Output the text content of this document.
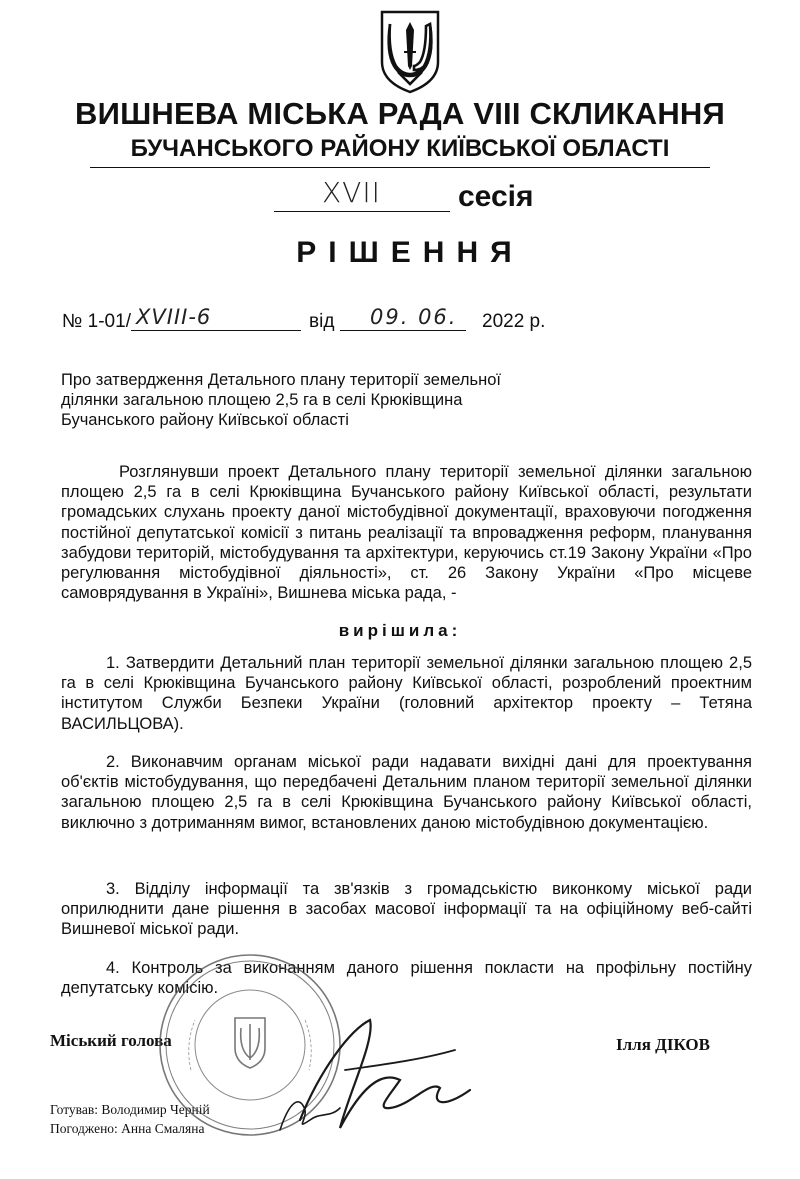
ВИШНЕВА МІСЬКА РАДА VIII СКЛИКАННЯ
БУЧАНСЬКОГО РАЙОНУ КИЇВСЬКОЇ ОБЛАСТІ
XVII	сесія
РІШЕННЯ
№ 1-01/ XVIII-6	від 09. 06. 2022 р.
Про затвердження Детального плану території земельної ділянки загальною площею 2,5 га в селі Крюківщина Бучанського району Київської області
Розглянувши проект Детального плану території земельної ділянки загальною площею 2,5 га в селі Крюківщина Бучанського району Київської області, результати громадських слухань проекту даної містобудівної документації, враховуючи погодження постійної депутатської комісії з питань реалізації та впровадження реформ, планування забудови територій, містобудування та архітектури, керуючись ст.19 Закону України «Про регулювання містобудівної діяльності», ст. 26 Закону України «Про місцеве самоврядування в Україні», Вишнева міська рада, -
вирішила:
1. Затвердити Детальний план території земельної ділянки загальною площею 2,5 га в селі Крюківщина Бучанського району Київської області, розроблений проектним інститутом Служби Безпеки України (головний архітектор проекту – Тетяна ВАСИЛЬЦОВА).
2. Виконавчим органам міської ради надавати вихідні дані для проектування об'єктів містобудування, що передбачені Детальним планом території земельної ділянки загальною площею 2,5 га в селі Крюківщина Бучанського району Київської області, виключно з дотриманням вимог, встановлених даною містобудівною документацією.
3. Відділу інформації та зв'язків з громадськістю виконкому міської ради оприлюднити дане рішення в засобах масової інформації та на офіційному веб-сайті Вишневої міської ради.
4. Контроль за виконанням даного рішення покласти на профільну постійну депутатську комісію.
Міський голова	Ілля ДІКОВ
Готував: Володимир Черній
Погоджено: Анна Смаляна
